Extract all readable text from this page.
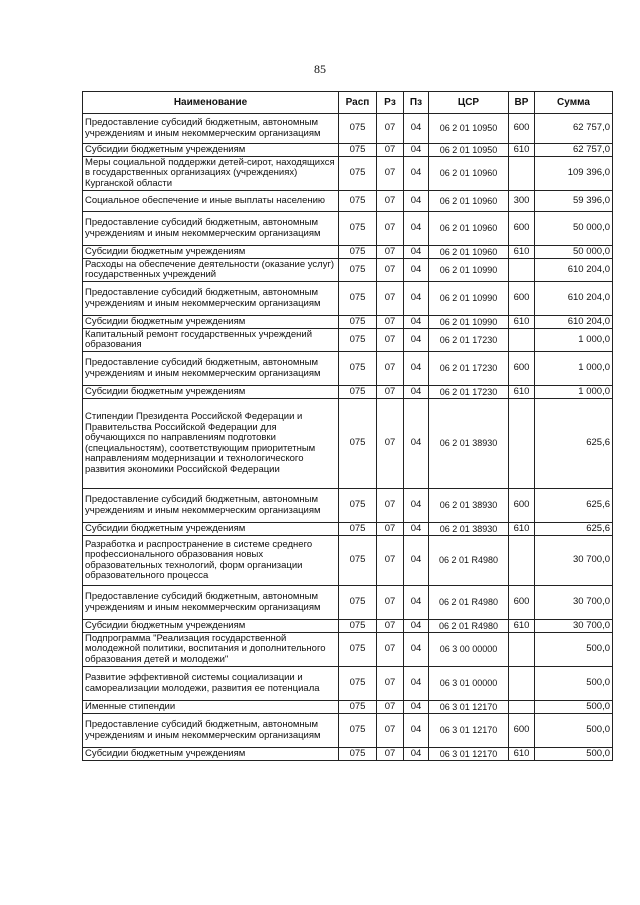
85
Наименование	Расп	Рз	Пз	ЦСР	ВР	Сумма
Предоставление субсидий бюджетным, автономным учреждениям и иным некоммерческим организациям	075	07	04	06 2 01 10950	600	62 757,0
Субсидии бюджетным учреждениям	075	07	04	06 2 01 10950	610	62 757,0
Меры социальной поддержки детей-сирот, находящихся в государственных организациях (учреждениях) Курганской области	075	07	04	06 2 01 10960		109 396,0
Социальное обеспечение и иные выплаты населению	075	07	04	06 2 01 10960	300	59 396,0
Предоставление субсидий бюджетным, автономным учреждениям и иным некоммерческим организациям	075	07	04	06 2 01 10960	600	50 000,0
Субсидии бюджетным учреждениям	075	07	04	06 2 01 10960	610	50 000,0
Расходы на обеспечение деятельности (оказание услуг) государственных учреждений	075	07	04	06 2 01 10990		610 204,0
Предоставление субсидий бюджетным, автономным учреждениям и иным некоммерческим организациям	075	07	04	06 2 01 10990	600	610 204,0
Субсидии бюджетным учреждениям	075	07	04	06 2 01 10990	610	610 204,0
Капитальный ремонт государственных учреждений образования	075	07	04	06 2 01 17230		1 000,0
Предоставление субсидий бюджетным, автономным учреждениям и иным некоммерческим организациям	075	07	04	06 2 01 17230	600	1 000,0
Субсидии бюджетным учреждениям	075	07	04	06 2 01 17230	610	1 000,0
Стипендии Президента Российской Федерации и Правительства Российской Федерации для обучающихся по направлениям подготовки (специальностям), соответствующим приоритетным направлениям модернизации и технологического развития экономики Российской Федерации	075	07	04	06 2 01 38930		625,6
Предоставление субсидий бюджетным, автономным учреждениям и иным некоммерческим организациям	075	07	04	06 2 01 38930	600	625,6
Субсидии бюджетным учреждениям	075	07	04	06 2 01 38930	610	625,6
Разработка и распространение в системе среднего профессионального образования новых образовательных технологий, форм организации образовательного процесса	075	07	04	06 2 01 R4980		30 700,0
Предоставление субсидий бюджетным, автономным учреждениям и иным некоммерческим организациям	075	07	04	06 2 01 R4980	600	30 700,0
Субсидии бюджетным учреждениям	075	07	04	06 2 01 R4980	610	30 700,0
Подпрограмма "Реализация государственной молодежной политики, воспитания и дополнительного образования детей и молодежи"	075	07	04	06 3 00 00000		500,0
Развитие эффективной системы социализации и самореализации молодежи, развития ее потенциала	075	07	04	06 3 01 00000		500,0
Именные стипендии	075	07	04	06 3 01 12170		500,0
Предоставление субсидий бюджетным, автономным учреждениям и иным некоммерческим организациям	075	07	04	06 3 01 12170	600	500,0
Субсидии бюджетным учреждениям	075	07	04	06 3 01 12170	610	500,0
